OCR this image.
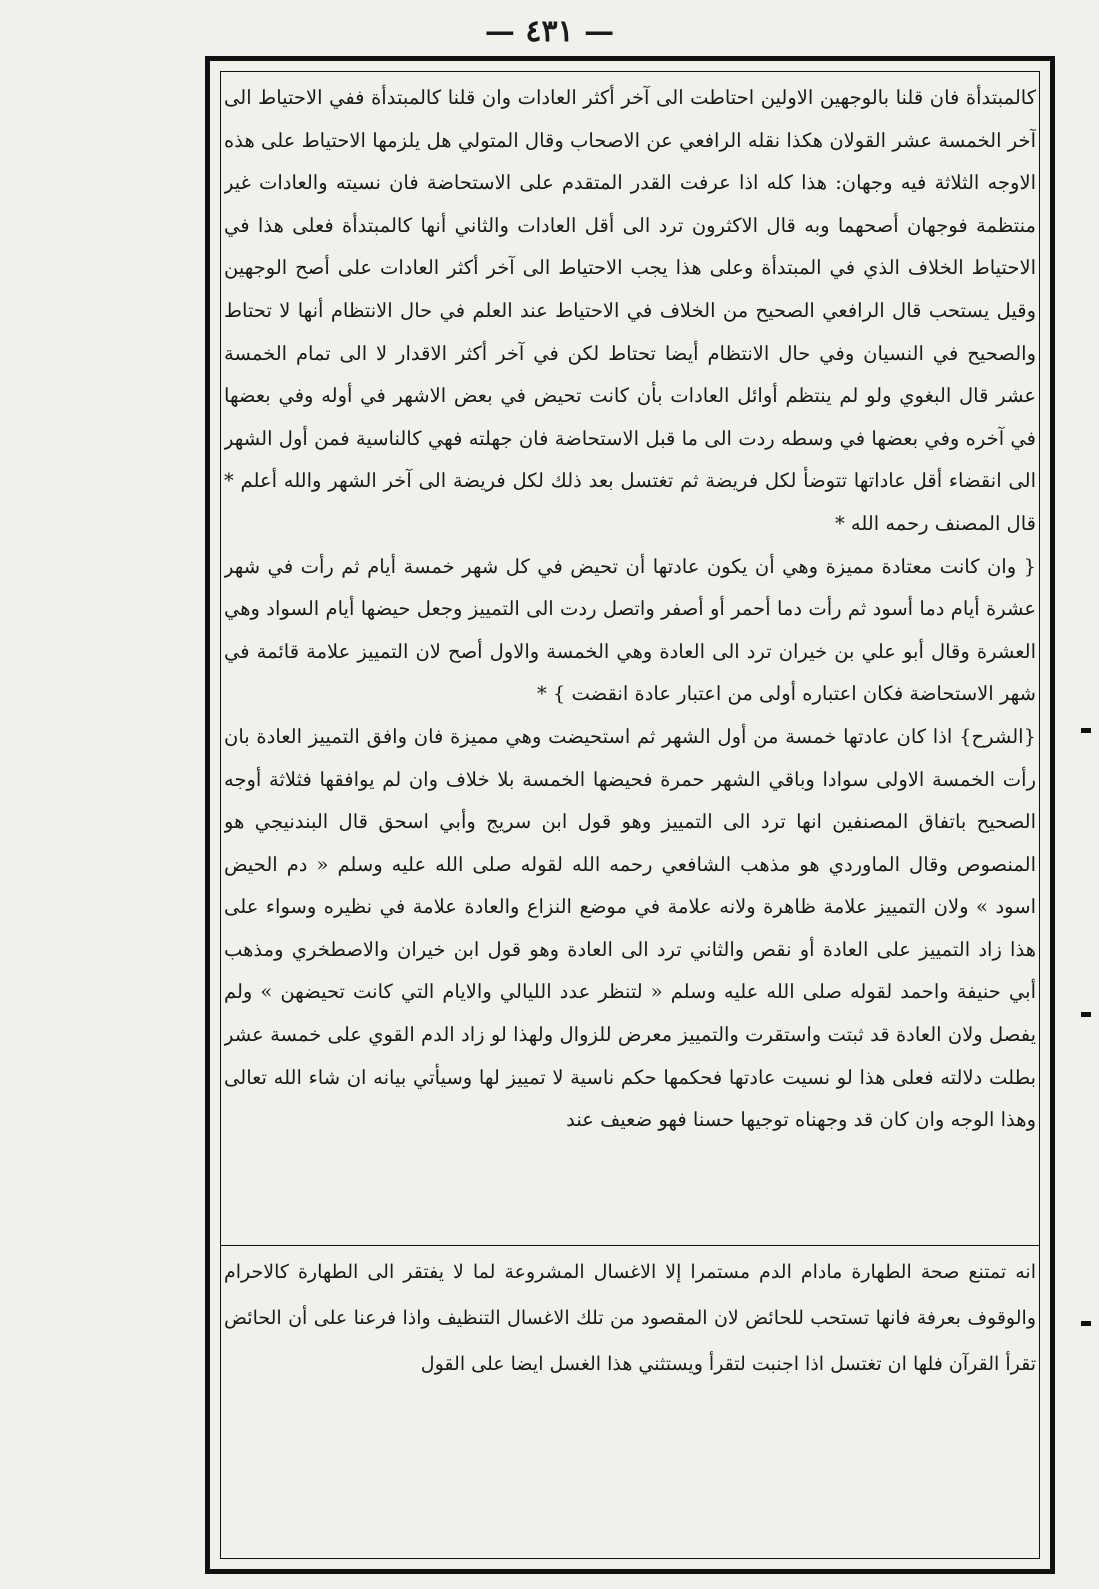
— ٤٣١ —

كالمبتدأة فان قلنا بالوجهين الاولين احتاطت الى آخر أكثر العادات وان قلنا كالمبتدأة ففي الاحتياط الى آخر الخمسة عشر القولان هكذا نقله الرافعي عن الاصحاب وقال المتولي هل يلزمها الاحتياط على هذه الاوجه الثلاثة فيه وجهان: هذا كله اذا عرفت القدر المتقدم على الاستحاضة فان نسيته والعادات غير منتظمة فوجهان أصحهما وبه قال الاكثرون ترد الى أقل العادات والثاني أنها كالمبتدأة فعلى هذا في الاحتياط الخلاف الذي في المبتدأة وعلى هذا يجب الاحتياط الى آخر أكثر العادات على أصح الوجهين وقيل يستحب قال الرافعي الصحيح من الخلاف في الاحتياط عند العلم في حال الانتظام أنها لا تحتاط والصحيح في النسيان وفي حال الانتظام أيضا تحتاط لكن في آخر أكثر الاقدار لا الى تمام الخمسة عشر قال البغوي ولو لم ينتظم أوائل العادات بأن كانت تحيض في بعض الاشهر في أوله وفي بعضها في آخره وفي بعضها في وسطه ردت الى ما قبل الاستحاضة فان جهلته فهي كالناسية فمن أول الشهر الى انقضاء أقل عاداتها تتوضأ لكل فريضة ثم تغتسل بعد ذلك لكل فريضة الى آخر الشهر والله أعلم * قال المصنف رحمه الله *

{ وان كانت معتادة مميزة وهي أن يكون عادتها أن تحيض في كل شهر خمسة أيام ثم رأت في شهر عشرة أيام دما أسود ثم رأت دما أحمر أو أصفر واتصل ردت الى التمييز وجعل حيضها أيام السواد وهي العشرة وقال أبو علي بن خيران ترد الى العادة وهي الخمسة والاول أصح لان التمييز علامة قائمة في شهر الاستحاضة فكان اعتباره أولى من اعتبار عادة انقضت } *

{الشرح} اذا كان عادتها خمسة من أول الشهر ثم استحيضت وهي مميزة فان وافق التمييز العادة بان رأت الخمسة الاولى سوادا وباقي الشهر حمرة فحيضها الخمسة بلا خلاف وان لم يوافقها فثلاثة أوجه الصحيح باتفاق المصنفين انها ترد الى التمييز وهو قول ابن سريج وأبي اسحق قال البندنيجي هو المنصوص وقال الماوردي هو مذهب الشافعي رحمه الله لقوله صلى الله عليه وسلم « دم الحيض اسود » ولان التمييز علامة ظاهرة ولانه علامة في موضع النزاع والعادة علامة في نظيره وسواء على هذا زاد التمييز على العادة أو نقص والثاني ترد الى العادة وهو قول ابن خيران والاصطخري ومذهب أبي حنيفة واحمد لقوله صلى الله عليه وسلم « لتنظر عدد الليالي والايام التي كانت تحيضهن » ولم يفصل ولان العادة قد ثبتت واستقرت والتمييز معرض للزوال ولهذا لو زاد الدم القوي على خمسة عشر بطلت دلالته فعلى هذا لو نسيت عادتها فحكمها حكم ناسية لا تمييز لها وسيأتي بيانه ان شاء الله تعالى وهذا الوجه وان كان قد وجهناه توجيها حسنا فهو ضعيف عند

انه تمتنع صحة الطهارة مادام الدم مستمرا إلا الاغسال المشروعة لما لا يفتقر الى الطهارة كالاحرام والوقوف بعرفة فانها تستحب للحائض لان المقصود من تلك الاغسال التنظيف واذا فرعنا على أن الحائض تقرأ القرآن فلها ان تغتسل اذا اجنبت لتقرأ ويستثني هذا الغسل ايضا على القول
